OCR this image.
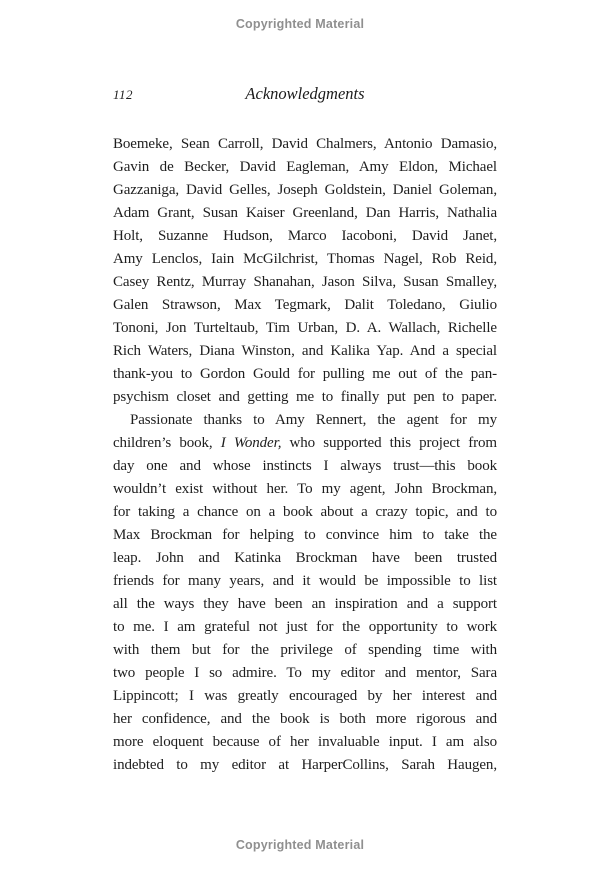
Copyrighted Material
112	Acknowledgments
Boemeke, Sean Carroll, David Chalmers, Antonio Damasio,
Gavin de Becker, David Eagleman, Amy Eldon, Michael
Gazzaniga, David Gelles, Joseph Goldstein, Daniel Goleman,
Adam Grant, Susan Kaiser Greenland, Dan Harris, Nathalia
Holt, Suzanne Hudson, Marco Iacoboni, David Janet,
Amy Lenclos, Iain McGilchrist, Thomas Nagel, Rob Reid,
Casey Rentz, Murray Shanahan, Jason Silva, Susan Smalley,
Galen Strawson, Max Tegmark, Dalit Toledano, Giulio
Tononi, Jon Turteltaub, Tim Urban, D. A. Wallach, Richelle
Rich Waters, Diana Winston, and Kalika Yap. And a special
thank-you to Gordon Gould for pulling me out of the pan-
psychism closet and getting me to finally put pen to paper.
Passionate thanks to Amy Rennert, the agent for my
children’s book, I Wonder, who supported this project from
day one and whose instincts I always trust—this book
wouldn’t exist without her. To my agent, John Brockman,
for taking a chance on a book about a crazy topic, and to
Max Brockman for helping to convince him to take the
leap. John and Katinka Brockman have been trusted
friends for many years, and it would be impossible to list
all the ways they have been an inspiration and a support
to me. I am grateful not just for the opportunity to work
with them but for the privilege of spending time with
two people I so admire. To my editor and mentor, Sara
Lippincott; I was greatly encouraged by her interest and
her confidence, and the book is both more rigorous and
more eloquent because of her invaluable input. I am also
indebted to my editor at HarperCollins, Sarah Haugen,
Copyrighted Material
